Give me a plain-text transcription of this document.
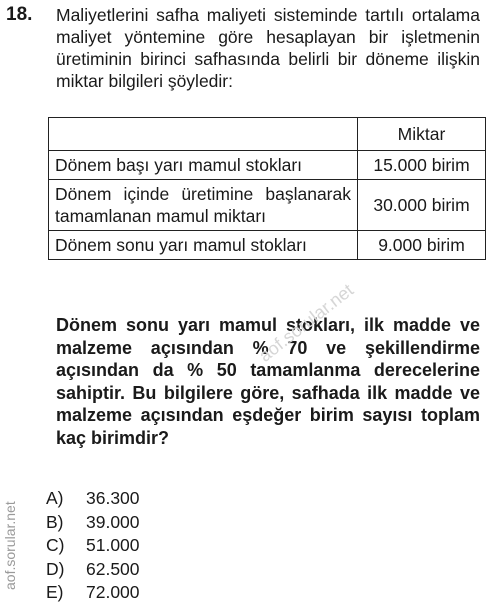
18. Maliyetlerini safha maliyeti sisteminde tartılı ortalama maliyet yöntemine göre hesaplayan bir işletmenin üretiminin birinci safhasında belirli bir döneme ilişkin miktar bilgileri şöyledir:
	Miktar
Dönem başı yarı mamul stokları	15.000 birim
Dönem içinde üretimine başlanarak tamamlanan mamul miktarı	30.000 birim
Dönem sonu yarı mamul stokları	9.000 birim
Dönem sonu yarı mamul stokları, ilk madde ve malzeme açısından % 70 ve şekillendirme açısından da % 50 tamamlanma derecelerine sahiptir. Bu bilgilere göre, safhada ilk madde ve malzeme açısından eşdeğer birim sayısı toplam kaç birimdir?
A) 36.300
B) 39.000
C) 51.000
D) 62.500
E) 72.000
aof.sorular.net
aof.sorular.net
